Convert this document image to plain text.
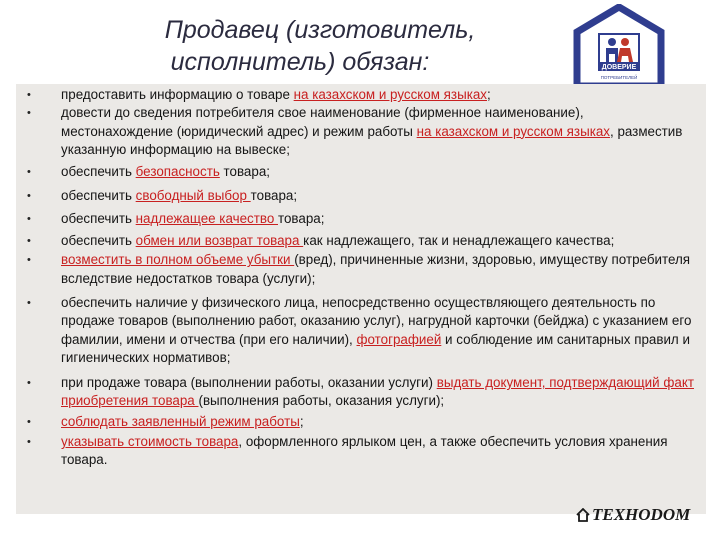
Продавец (изготовитель,
исполнитель) обязан:	ДОВЕРИЕ
ПОТРЕБИТЕЛЕЙ
• предоставить информацию о товаре на казахском и русском языках;
• довести до сведения потребителя свое наименование (фирменное наименование), местонахождение (юридический адрес) и режим работы на казахском и русском языках, разместив указанную информацию на вывеске;
• обеспечить безопасность товара;
• обеспечить свободный выбор товара;
• обеспечить надлежащее качество товара;
• обеспечить обмен или возврат товара как надлежащего, так и ненадлежащего качества;
• возместить в полном объеме убытки (вред), причиненные жизни, здоровью, имуществу потребителя вследствие недостатков товара (услуги);
• обеспечить наличие у физического лица, непосредственно осуществляющего деятельность по продаже товаров (выполнению работ, оказанию услуг), нагрудной карточки (бейджа) с указанием его фамилии, имени и отчества (при его наличии), фотографией и соблюдение им санитарных правил и гигиенических нормативов;
• при продаже товара (выполнении работы, оказании услуги) выдать документ, подтверждающий факт приобретения товара (выполнения работы, оказания услуги);
• соблюдать заявленный режим работы;
• указывать стоимость товара, оформленного ярлыком цен, а также обеспечить условия хранения товара.
TEXHODOM
